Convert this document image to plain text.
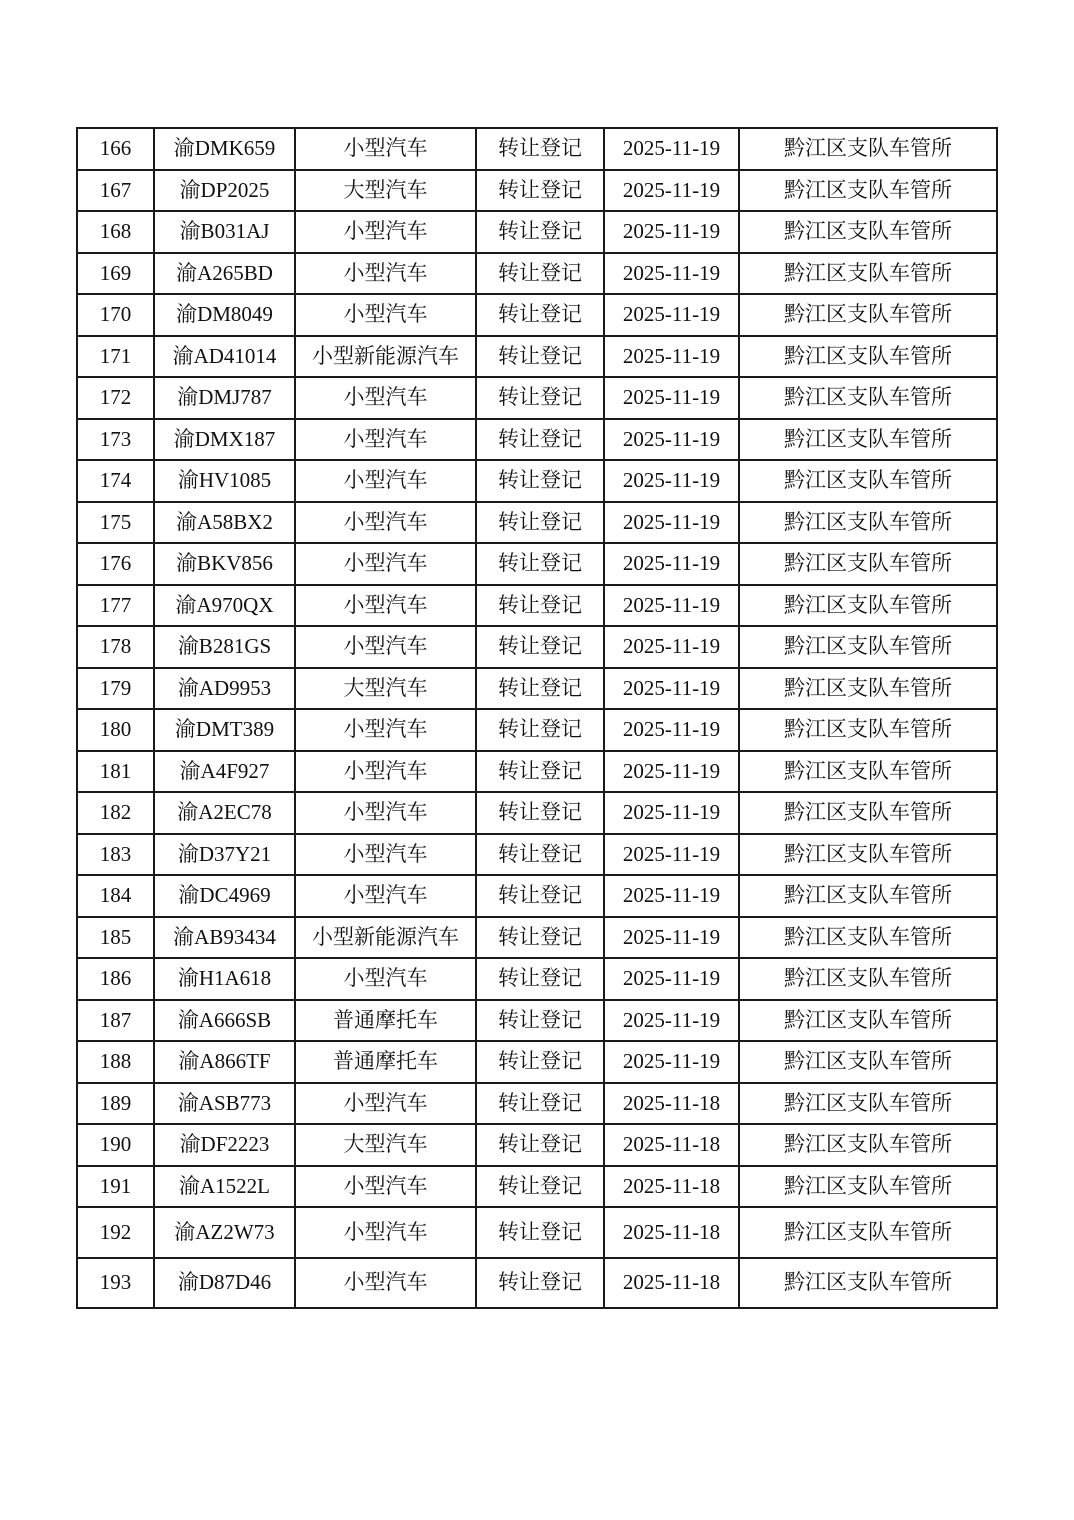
166	渝DMK659	小型汽车	转让登记	2025-11-19	黔江区支队车管所
167	渝DP2025	大型汽车	转让登记	2025-11-19	黔江区支队车管所
168	渝B031AJ	小型汽车	转让登记	2025-11-19	黔江区支队车管所
169	渝A265BD	小型汽车	转让登记	2025-11-19	黔江区支队车管所
170	渝DM8049	小型汽车	转让登记	2025-11-19	黔江区支队车管所
171	渝AD41014	小型新能源汽车	转让登记	2025-11-19	黔江区支队车管所
172	渝DMJ787	小型汽车	转让登记	2025-11-19	黔江区支队车管所
173	渝DMX187	小型汽车	转让登记	2025-11-19	黔江区支队车管所
174	渝HV1085	小型汽车	转让登记	2025-11-19	黔江区支队车管所
175	渝A58BX2	小型汽车	转让登记	2025-11-19	黔江区支队车管所
176	渝BKV856	小型汽车	转让登记	2025-11-19	黔江区支队车管所
177	渝A970QX	小型汽车	转让登记	2025-11-19	黔江区支队车管所
178	渝B281GS	小型汽车	转让登记	2025-11-19	黔江区支队车管所
179	渝AD9953	大型汽车	转让登记	2025-11-19	黔江区支队车管所
180	渝DMT389	小型汽车	转让登记	2025-11-19	黔江区支队车管所
181	渝A4F927	小型汽车	转让登记	2025-11-19	黔江区支队车管所
182	渝A2EC78	小型汽车	转让登记	2025-11-19	黔江区支队车管所
183	渝D37Y21	小型汽车	转让登记	2025-11-19	黔江区支队车管所
184	渝DC4969	小型汽车	转让登记	2025-11-19	黔江区支队车管所
185	渝AB93434	小型新能源汽车	转让登记	2025-11-19	黔江区支队车管所
186	渝H1A618	小型汽车	转让登记	2025-11-19	黔江区支队车管所
187	渝A666SB	普通摩托车	转让登记	2025-11-19	黔江区支队车管所
188	渝A866TF	普通摩托车	转让登记	2025-11-19	黔江区支队车管所
189	渝ASB773	小型汽车	转让登记	2025-11-18	黔江区支队车管所
190	渝DF2223	大型汽车	转让登记	2025-11-18	黔江区支队车管所
191	渝A1522L	小型汽车	转让登记	2025-11-18	黔江区支队车管所
192	渝AZ2W73	小型汽车	转让登记	2025-11-18	黔江区支队车管所
193	渝D87D46	小型汽车	转让登记	2025-11-18	黔江区支队车管所
